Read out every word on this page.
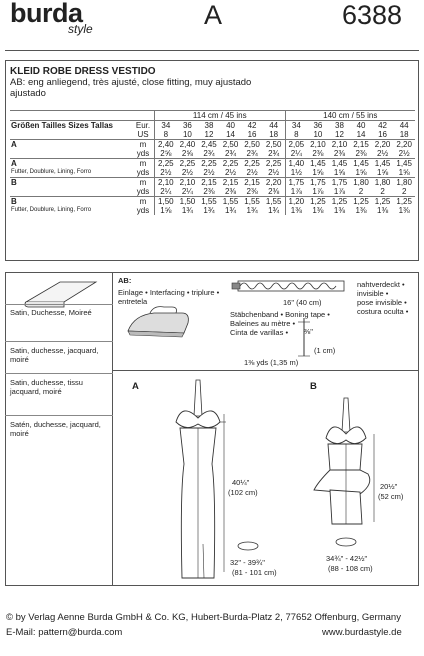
burda
style	A	6388
KLEID ROBE DRESS VESTIDO
AB: eng anliegend, très ajusté, close fitting, muy ajustado
ajustado
		114 cm / 45 ins						140 cm / 55 ins					
Größen Tailles Sizes Tallas	Eur.	34	36	38	40	42	44	34	36	38	40	42	44
	US	8	10	12	14	16	18	8	10	12	14	16	18
A	m	2,40	2,40	2,45	2,50	2,50	2,50	2,05	2,10	2,10	2,15	2,20	2,20
	yds	2⅝	2⅝	2¾	2¾	2¾	2¾	2¼	2⅜	2⅜	2⅜	2½	2½
A	m	2,25	2,25	2,25	2,25	2,25	2,25	1,40	1,45	1,45	1,45	1,45	1,45
Futter, Doublure, Lining, Forro	yds	2½	2½	2½	2½	2½	2½	1½	1⅝	1⅝	1⅝	1⅝	1⅝
B	m	2,10	2,10	2,15	2,15	2,15	2,20	1,75	1,75	1,75	1,80	1,80	1,80
	yds	2¼	2¼	2⅜	2⅜	2⅜	2⅜	1⅞	1⅞	1⅞	2	2	2
B	m	1,50	1,50	1,55	1,55	1,55	1,55	1,20	1,25	1,25	1,25	1,25	1,25
Futter, Doublure, Lining, Forro	yds	1⅝	1¾	1¾	1¾	1¾	1¾	1⅜	1⅜	1⅜	1⅜	1⅜	1⅜
Satin, Duchesse, Moireé
Satin, duchesse, jacquard, moiré
Satin, duchesse, tissu jacquard, moiré
Satén, duchesse, jacquard, moiré
AB:
Einlage • Interfacing • triplure •
entretela	16" (40 cm)
nahtverdeckt •
invisible •
pose invisible •
costura oculta •
Stäbchenband • Boning tape •
Baleines au mètre •
Cinta de varillas • ⅜"
(1 cm)
1⅜ yds (1,35 m)
A
40¼"
(102 cm)
32" - 39¾"
(81 - 101 cm)
B
20½"
(52 cm)
34¾" - 42½"
(88 - 108 cm)
© by Verlag Aenne Burda GmbH & Co. KG, Hubert-Burda-Platz 2, 77652 Offenburg, Germany
E-Mail: pattern@burda.com	www.burdastyle.de
